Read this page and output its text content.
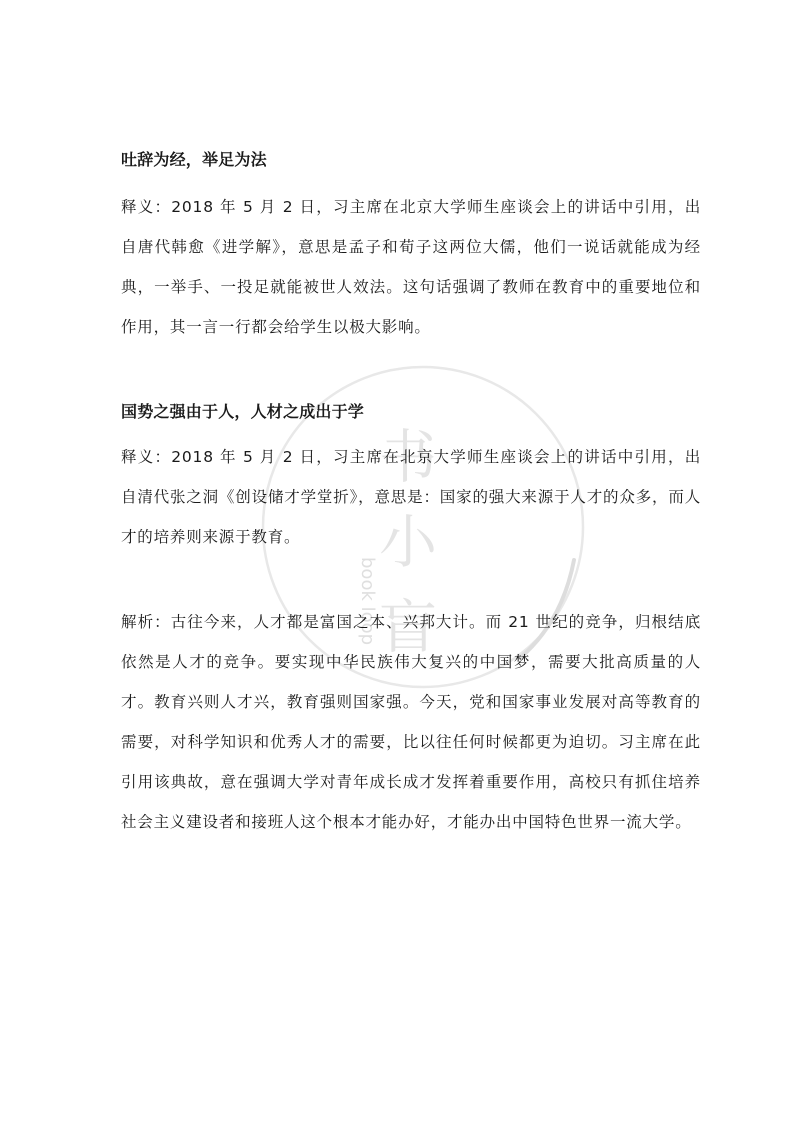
书
小
盲
book loop
吐辞为经，举足为法

释义：2018 年 5 月 2 日，习主席在北京大学师生座谈会上的讲话中引用，出自唐代韩愈《进学解》，意思是孟子和荀子这两位大儒，他们一说话就能成为经典，一举手、一投足就能被世人效法。这句话强调了教师在教育中的重要地位和作用，其一言一行都会给学生以极大影响。

国势之强由于人，人材之成出于学

释义：2018 年 5 月 2 日，习主席在北京大学师生座谈会上的讲话中引用，出自清代张之洞《创设储才学堂折》，意思是：国家的强大来源于人才的众多，而人才的培养则来源于教育。

解析：古往今来，人才都是富国之本、兴邦大计。而 21 世纪的竞争，归根结底依然是人才的竞争。要实现中华民族伟大复兴的中国梦，需要大批高质量的人才。教育兴则人才兴，教育强则国家强。今天，党和国家事业发展对高等教育的需要，对科学知识和优秀人才的需要，比以往任何时候都更为迫切。习主席在此引用该典故，意在强调大学对青年成长成才发挥着重要作用，高校只有抓住培养社会主义建设者和接班人这个根本才能办好，才能办出中国特色世界一流大学。
